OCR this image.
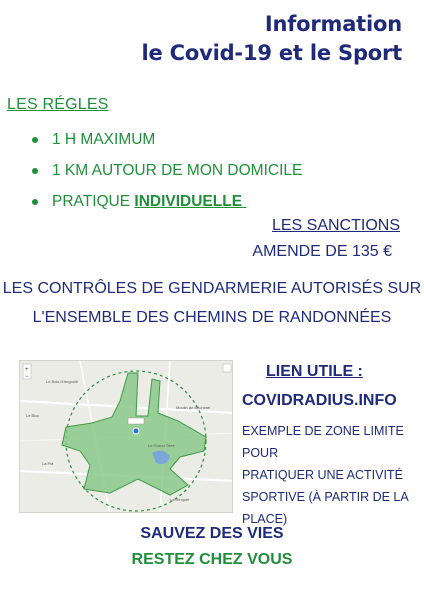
Information
le Covid-19 et le Sport
LES RÉGLES
1 H MAXIMUM
1 KM AUTOUR DE MON DOMICILE
PRATIQUE INDIVIDUELLE
LES SANCTIONS
AMENDE DE 135 €
LES CONTRÔLES DE GENDARMERIE AUTORISÉS SUR
L'ENSEMBLE DES CHEMINS DE RANDONNÉES
Le Bois d'Angoulé
Le Bloc
Le Grand Tirée
Moulin de Bécherel
La Pla
La Rinquet
+
−	LIEN UTILE :
COVIDRADIUS.INFO
EXEMPLE DE ZONE LIMITE POUR
PRATIQUER UNE ACTIVITÉ
SPORTIVE (À PARTIR DE LA
PLACE)
SAUVEZ DES VIES
RESTEZ CHEZ VOUS
